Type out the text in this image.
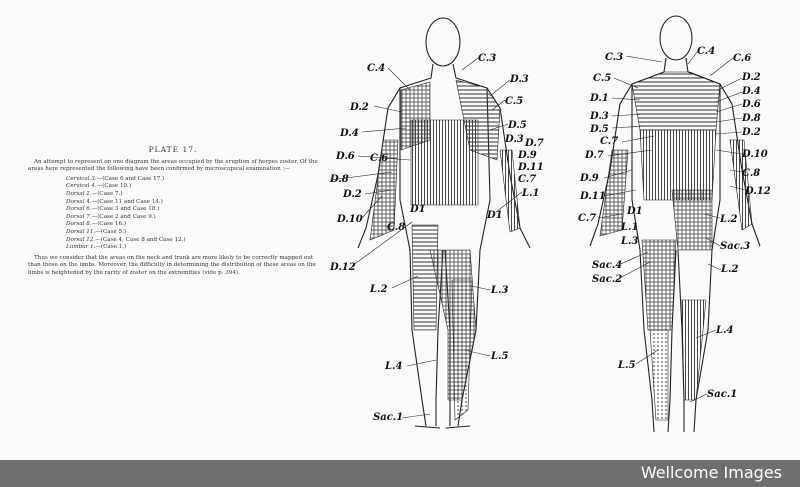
PLATE 17.

An attempt to represent on one diagram the areas occupied by the eruption of herpes zoster. Of the areas here represented the following have been confirmed by microscopical examination :—

Cervical 3.—(Case 6 and Case 17.)
Cervical 4.—(Case 10.)
Dorsal 2.—(Case 7.)
Dorsal 4.—(Case 11 and Case 14.)
Dorsal 6.—(Case 3 and Case 18.)
Dorsal 7.—(Case 2 and Case 9.)
Dorsal 8.—(Case 16.)
Dorsal 11.—(Case 5.)
Dorsal 12.—(Case 4, Case 8 and Case 12.)
Lumbar 1.—(Case 1.)

Thus we consider that the areas on the neck and trunk are more likely to be correctly mapped out than those on the limbs. Moreover, the difficulty in determining the distribution of these areas on the limbs is heightened by the rarity of zoster on the extremities (vide p. 394).

C.4
C.3
D.3
D.2
C.5
D.4
D.5
D.3 D.7
D.6 C.6	D.9
D.8
D.11
D.2
C.7
L.1
D.10
C.8
D.12
L.2	L.3
L.4
L.5
Sac.1
D1
D1
C.3
C.4
C.6
C.5	D.2
D.1
D.4
D.3
D.6
D.5
D.8
C.7
D.2
D.7	D.10
D.9	C.8
D.11	D.12
C.7
D1
L.1
L.2
L.3	Sac.3
Sac.4
Sac.2
L.2
L.4
L.5
Sac.1
Wellcome Images
